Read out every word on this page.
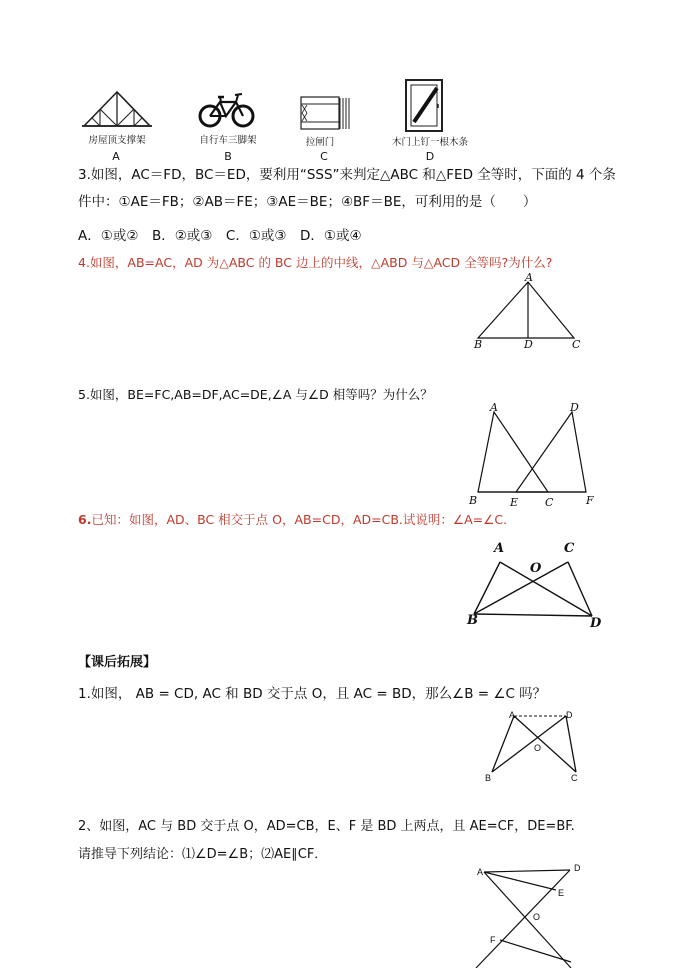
房屋顶支撑架
A
自行车三脚架
B
拉闸门
C
木门上钉一根木条
D
3.如图，AC＝FD，BC＝ED，要利用“SSS”来判定△ABC 和△FED 全等时，下面的 4 个条
件中：①AE＝FB；②AB＝FE；③AE＝BE；④BF＝BE，可利用的是（　　）
A．①或②　B．②或③　C．①或③　D．①或④
4.如图，AB=AC，AD 为△ABC 的 BC 边上的中线，△ABD 与△ACD 全等吗?为什么?
A
B	D	C
5.如图，BE=FC,AB=DF,AC=DE,∠A 与∠D 相等吗？为什么？
A	D
B	E C	F
6.已知：如图，AD、BC 相交于点 O，AB=CD，AD=CB.试说明：∠A=∠C.
A	C
O
B	D
【课后拓展】
1.如图， AB = CD, AC 和 BD 交于点 O，且 AC = BD，那么∠B = ∠C 吗？
A	D
O
B	C
2、如图，AC 与 BD 交于点 O，AD=CB，E、F 是 BD 上两点，且 AE=CF，DE=BF.
请推导下列结论：⑴∠D=∠B；⑵AE∥CF．
A	D
E
O
F
